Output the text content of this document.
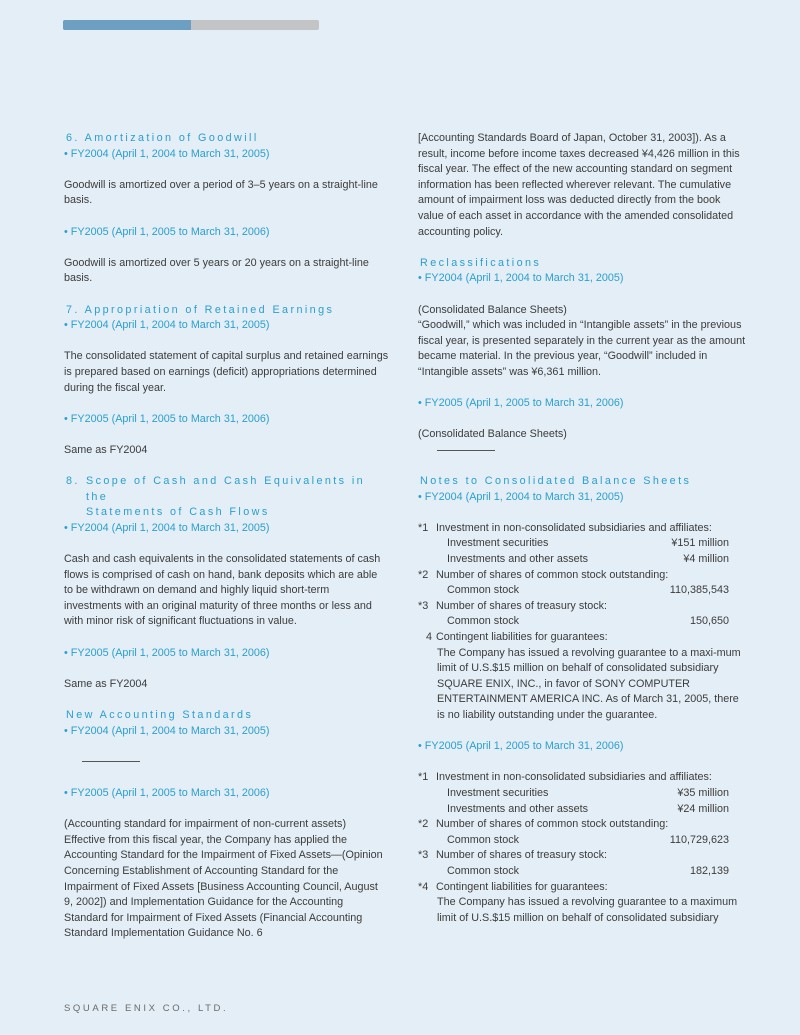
6. Amortization of Goodwill

• FY2004 (April 1, 2004 to March 31, 2005)

Goodwill is amortized over a period of 3–5 years on a straight-line basis.

• FY2005 (April 1, 2005 to March 31, 2006)

Goodwill is amortized over 5 years or 20 years on a straight-line basis.

7. Appropriation of Retained Earnings

• FY2004 (April 1, 2004 to March 31, 2005)

The consolidated statement of capital surplus and retained earnings is prepared based on earnings (deficit) appropriations determined during the fiscal year.

• FY2005 (April 1, 2005 to March 31, 2006)

Same as FY2004

8. Scope of Cash and Cash Equivalents in the
Statements of Cash Flows

• FY2004 (April 1, 2004 to March 31, 2005)

Cash and cash equivalents in the consolidated statements of cash flows is comprised of cash on hand, bank deposits which are able to be withdrawn on demand and highly liquid short-term investments with an original maturity of three months or less and with minor risk of significant fluctuations in value.

• FY2005 (April 1, 2005 to March 31, 2006)

Same as FY2004

New Accounting Standards

• FY2004 (April 1, 2004 to March 31, 2005)

• FY2005 (April 1, 2005 to March 31, 2006)

(Accounting standard for impairment of non-current assets) Effective from this fiscal year, the Company has applied the Accounting Standard for the Impairment of Fixed Assets—(Opinion Concerning Establishment of Accounting Standard for the Impairment of Fixed Assets [Business Accounting Council, August 9, 2002]) and Implementation Guidance for the Accounting Standard for Impairment of Fixed Assets (Financial Accounting Standard Implementation Guidance No. 6

[Accounting Standards Board of Japan, October 31, 2003]). As a result, income before income taxes decreased ¥4,426 million in this fiscal year. The effect of the new accounting standard on segment information has been reflected wherever relevant. The cumulative amount of impairment loss was deducted directly from the book value of each asset in accordance with the amended consolidated accounting policy.

Reclassifications

• FY2004 (April 1, 2004 to March 31, 2005)

(Consolidated Balance Sheets)

“Goodwill,” which was included in “Intangible assets” in the previous fiscal year, is presented separately in the current year as the amount became material. In the previous year, “Goodwill” included in “Intangible assets” was ¥6,361 million.

• FY2005 (April 1, 2005 to March 31, 2006)

(Consolidated Balance Sheets)

Notes to Consolidated Balance Sheets

• FY2004 (April 1, 2004 to March 31, 2005)

*1 Investment in non-consolidated subsidiaries and affiliates:
Investment securities	¥151 million
Investments and other assets	¥4 million
*2 Number of shares of common stock outstanding:
Common stock	110,385,543
*3 Number of shares of treasury stock:
Common stock	150,650
4 Contingent liabilities for guarantees:

The Company has issued a revolving guarantee to a maxi-mum limit of U.S.$15 million on behalf of consolidated subsidiary SQUARE ENIX, INC., in favor of SONY COMPUTER ENTERTAINMENT AMERICA INC. As of March 31, 2005, there is no liability outstanding under the guarantee.

• FY2005 (April 1, 2005 to March 31, 2006)

*1 Investment in non-consolidated subsidiaries and affiliates:
Investment securities	¥35 million
Investments and other assets	¥24 million
*2 Number of shares of common stock outstanding:
Common stock	110,729,623
*3 Number of shares of treasury stock:
Common stock	182,139
*4 Contingent liabilities for guarantees:

The Company has issued a revolving guarantee to a maximum limit of U.S.$15 million on behalf of consolidated subsidiary

SQUARE ENIX CO., LTD.
